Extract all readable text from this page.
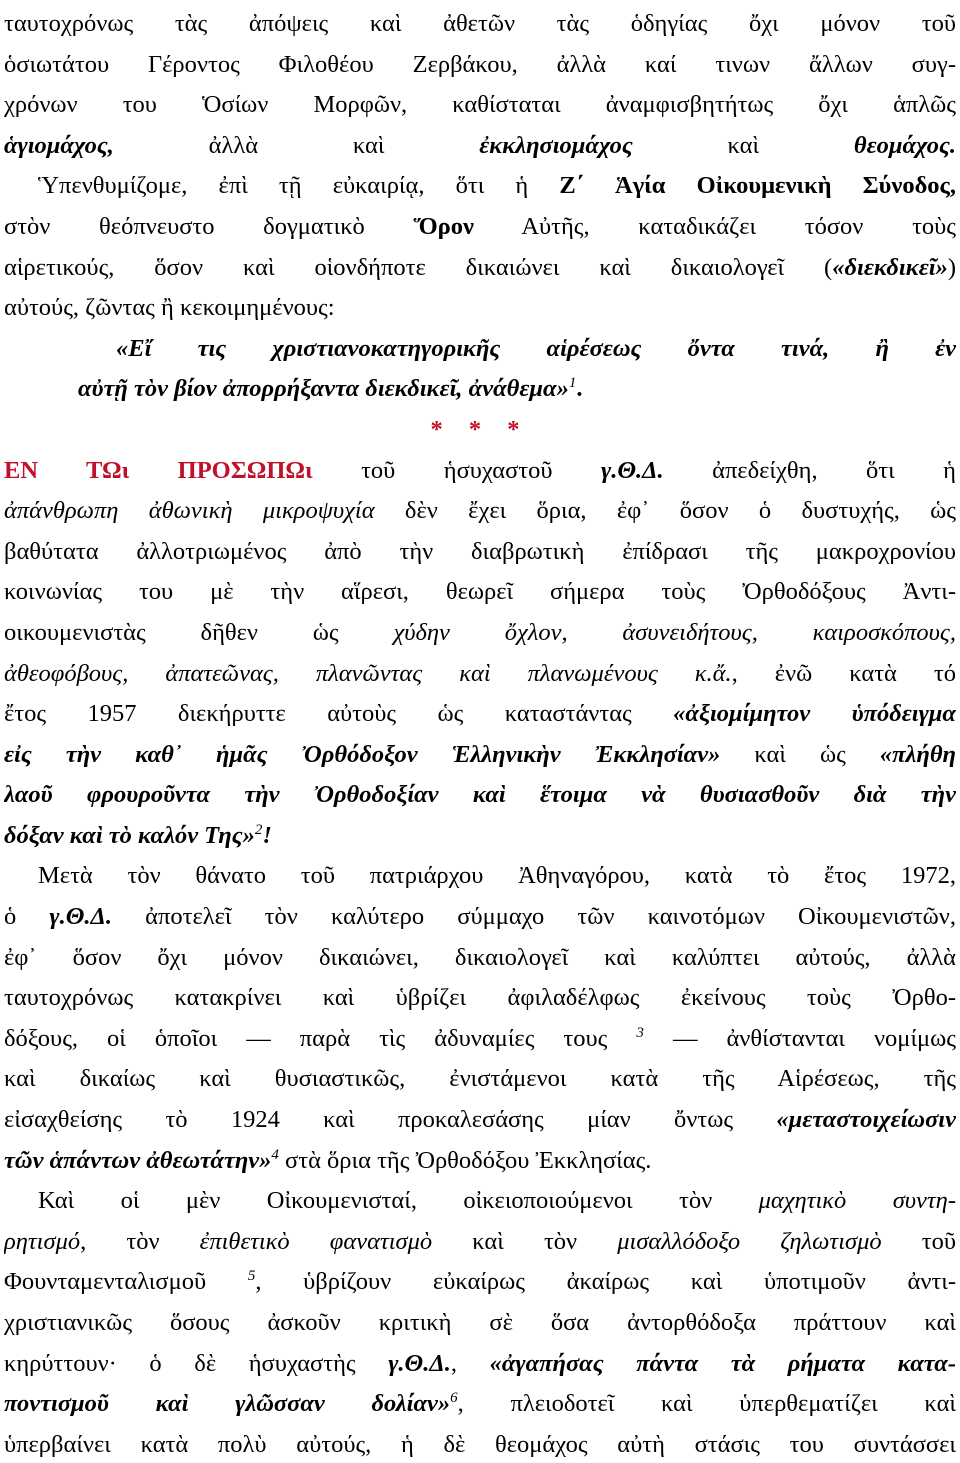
ταυτοχρόνως τὰς ἀπόψεις καὶ ἀθετῶν τὰς ὁδηγίας ὄχι μόνον τοῦ
ὁσιωτάτου Γέροντος Φιλοθέου Ζερβάκου, ἀλλὰ καί τινων ἄλλων συγ-
χρόνων του Ὁσίων Μορφῶν, καθίσταται ἀναμφισβητήτως ὄχι ἁπλῶς
ἁγιομάχος, ἀλλὰ καὶ ἐκκλησιομάχος καὶ θεομάχος.
Ὑπενθυμίζομε, ἐπὶ τῇ εὐκαιρίᾳ, ὅτι ἡ Ζ΄ Ἁγία Οἰκουμενικὴ Σύνοδος,
στὸν θεόπνευστο δογματικὸ Ὅρον Αὐτῆς, καταδικάζει τόσον τοὺς
αἱρετικούς, ὅσον καὶ οἱονδήποτε δικαιώνει καὶ δικαιολογεῖ («διεκδικεῖ»)
αὐτούς, ζῶντας ἢ κεκοιμημένους:
«Εἴ τις χριστιανοκατηγορικῆς αἱρέσεως ὄντα τινά, ἢ ἐν
αὐτῇ τὸν βίον ἀπορρήξαντα διεκδικεῖ, ἀνάθεμα»$^1$.
* * *
ΕΝ ΤΩι ΠΡΟΣΩΠΩι τοῦ ἡσυχαστοῦ γ.Θ.Δ. ἀπεδείχθη, ὅτι ἡ
ἀπάνθρωπη ἀθωνικὴ μικροψυχία δὲν ἔχει ὅρια, ἐφ᾽ ὅσον ὁ δυστυχής, ὡς
βαθύτατα ἀλλοτριωμένος ἀπὸ τὴν διαβρωτικὴ ἐπίδρασι τῆς μακροχρονίου
κοινωνίας του μὲ τὴν αἵρεσι, θεωρεῖ σήμερα τοὺς Ὀρθοδόξους Ἀντι-
οικουμενιστὰς δῆθεν ὡς χύδην ὄχλον, ἀσυνειδήτους, καιροσκόπους,
ἀθεοφόβους, ἀπατεῶνας, πλανῶντας καὶ πλανωμένους κ.ἄ., ἐνῶ κατὰ τό
ἔτος 1957 διεκήρυττε αὐτοὺς ὡς καταστάντας «ἀξιομίμητον ὑπόδειγμα
εἰς τὴν καθ᾽ ἡμᾶς Ὀρθόδοξον Ἑλληνικὴν Ἐκκλησίαν» καὶ ὡς «πλήθη
λαοῦ φρουροῦντα τὴν Ὀρθοδοξίαν καὶ ἕτοιμα νὰ θυσιασθοῦν διὰ τὴν
δόξαν καὶ τὸ καλόν Της»$^2$!
Μετὰ τὸν θάνατο τοῦ πατριάρχου Ἀθηναγόρου, κατὰ τὸ ἔτος 1972,
ὁ γ.Θ.Δ. ἀποτελεῖ τὸν καλύτερο σύμμαχο τῶν καινοτόμων Οἰκουμενιστῶν,
ἐφ᾽ ὅσον ὄχι μόνον δικαιώνει, δικαιολογεῖ καὶ καλύπτει αὐτούς, ἀλλὰ
ταυτοχρόνως κατακρίνει καὶ ὑβρίζει ἀφιλαδέλφως ἐκείνους τοὺς Ὀρθο-
δόξους, οἱ ὁποῖοι — παρὰ τὶς ἀδυναμίες τους $^3$ — ἀνθίστανται νομίμως
καὶ δικαίως καὶ θυσιαστικῶς, ἐνιστάμενοι κατὰ τῆς Αἱρέσεως, τῆς
εἰσαχθείσης τὸ 1924 καὶ προκαλεσάσης μίαν ὄντως «μεταστοιχείωσιν
τῶν ἁπάντων ἀθεωτάτην»$^4$ στὰ ὅρια τῆς Ὀρθοδόξου Ἐκκλησίας.
Καὶ οἱ μὲν Οἰκουμενισταί, οἰκειοποιούμενοι τὸν μαχητικὸ συντη-
ρητισμό, τὸν ἐπιθετικὸ φανατισμὸ καὶ τὸν μισαλλόδοξο ζηλωτισμὸ τοῦ
Φουνταμενταλισμοῦ $^5$, ὑβρίζουν εὐκαίρως ἀκαίρως καὶ ὑποτιμοῦν ἀντι-
χριστιανικῶς ὅσους ἀσκοῦν κριτικὴ σὲ ὅσα ἀντορθόδοξα πράττουν καὶ
κηρύττουν· ὁ δὲ ἡσυχαστὴς γ.Θ.Δ., «ἀγαπήσας πάντα τὰ ρήματα κατα-
ποντισμοῦ καὶ γλῶσσαν δολίαν»$^6$, πλειοδοτεῖ καὶ ὑπερθεματίζει καὶ
ὑπερβαίνει κατὰ πολὺ αὐτούς, ἡ δὲ θεομάχος αὐτὴ στάσις του συντάσσει
